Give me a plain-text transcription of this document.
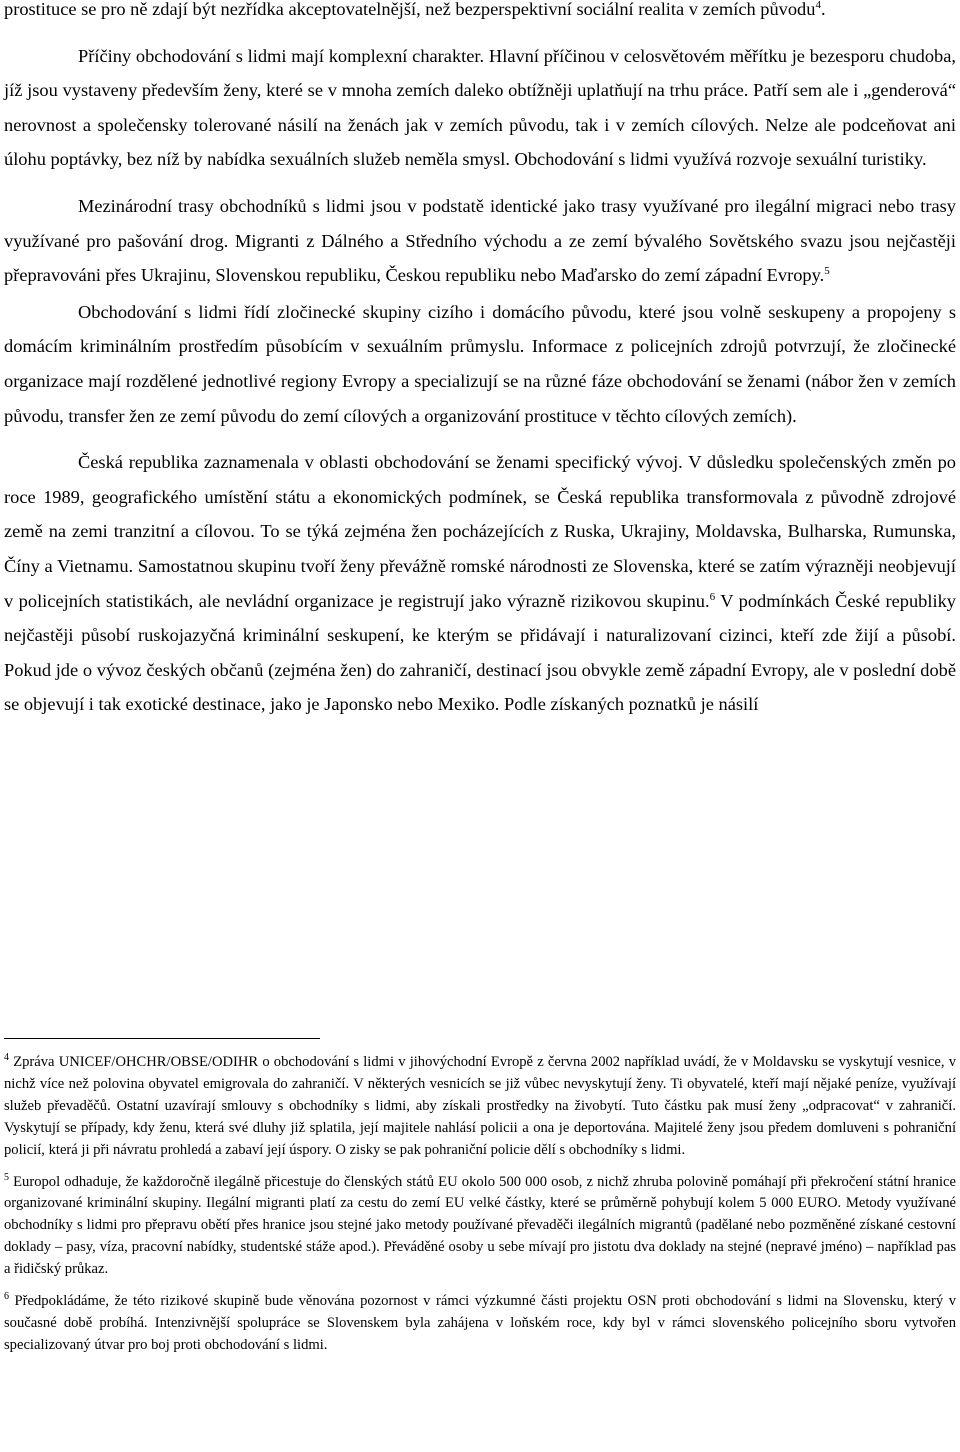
prostituce se pro ně zdají být nezřídka akceptovatelnější, než bezperspektivní sociální realita v zemích původu$^4$.

Příčiny obchodování s lidmi mají komplexní charakter. Hlavní příčinou v celosvětovém měřítku je bezesporu chudoba, jíž jsou vystaveny především ženy, které se v mnoha zemích daleko obtížněji uplatňují na trhu práce. Patří sem ale i „genderová“ nerovnost a společensky tolerované násilí na ženách jak v zemích původu, tak i v zemích cílových. Nelze ale podceňovat ani úlohu poptávky, bez níž by nabídka sexuálních služeb neměla smysl. Obchodování s lidmi využívá rozvoje sexuální turistiky.

Mezinárodní trasy obchodníků s lidmi jsou v podstatě identické jako trasy využívané pro ilegální migraci nebo trasy využívané pro pašování drog. Migranti z Dálného a Středního východu a ze zemí bývalého Sovětského svazu jsou nejčastěji přepravováni přes Ukrajinu, Slovenskou republiku, Českou republiku nebo Maďarsko do zemí západní Evropy.$^5$

Obchodování s lidmi řídí zločinecké skupiny cizího i domácího původu, které jsou volně seskupeny a propojeny s domácím kriminálním prostředím působícím v sexuálním průmyslu. Informace z policejních zdrojů potvrzují, že zločinecké organizace mají rozdělené jednotlivé regiony Evropy a specializují se na různé fáze obchodování se ženami (nábor žen v zemích původu, transfer žen ze zemí původu do zemí cílových a organizování prostituce v těchto cílových zemích).

Česká republika zaznamenala v oblasti obchodování se ženami specifický vývoj. V důsledku společenských změn po roce 1989, geografického umístění státu a ekonomických podmínek, se Česká republika transformovala z původně zdrojové země na zemi tranzitní a cílovou. To se týká zejména žen pocházejících z Ruska, Ukrajiny, Moldavska, Bulharska, Rumunska, Číny a Vietnamu. Samostatnou skupinu tvoří ženy převážně romské národnosti ze Slovenska, které se zatím výrazněji neobjevují v policejních statistikách, ale nevládní organizace je registrují jako výrazně rizikovou skupinu.$^6$ V podmínkách České republiky nejčastěji působí ruskojazyčná kriminální seskupení, ke kterým se přidávají i naturalizovaní cizinci, kteří zde žijí a působí. Pokud jde o vývoz českých občanů (zejména žen) do zahraničí, destinací jsou obvykle země západní Evropy, ale v poslední době se objevují i tak exotické destinace, jako je Japonsko nebo Mexiko. Podle získaných poznatků je násilí

$^4$ Zpráva UNICEF/OHCHR/OBSE/ODIHR o obchodování s lidmi v jihovýchodní Evropě z června 2002 například uvádí, že v Moldavsku se vyskytují vesnice, v nichž více než polovina obyvatel emigrovala do zahraničí. V některých vesnicích se již vůbec nevyskytují ženy. Ti obyvatelé, kteří mají nějaké peníze, využívají služeb převaděčů. Ostatní uzavírají smlouvy s obchodníky s lidmi, aby získali prostředky na živobytí. Tuto částku pak musí ženy „odpracovat“ v zahraničí. Vyskytují se případy, kdy ženu, která své dluhy již splatila, její majitele nahlásí policii a ona je deportována. Majitelé ženy jsou předem domluveni s pohraniční policií, která ji při návratu prohledá a zabaví její úspory. O zisky se pak pohraniční policie dělí s obchodníky s lidmi.

$^5$ Europol odhaduje, že každoročně ilegálně přicestuje do členských států EU okolo 500 000 osob, z nichž zhruba polovině pomáhají při překročení státní hranice organizované kriminální skupiny. Ilegální migranti platí za cestu do zemí EU velké částky, které se průměrně pohybují kolem 5 000 EURO. Metody využívané obchodníky s lidmi pro přepravu obětí přes hranice jsou stejné jako metody používané převaděči ilegálních migrantů (padělané nebo pozměněné získané cestovní doklady – pasy, víza, pracovní nabídky, studentské stáže apod.). Převáděné osoby u sebe mívají pro jistotu dva doklady na stejné (nepravé jméno) – například pas a řidičský průkaz.

$^6$ Předpokládáme, že této rizikové skupině bude věnována pozornost v rámci výzkumné části projektu OSN proti obchodování s lidmi na Slovensku, který v současné době probíhá. Intenzivnější spolupráce se Slovenskem byla zahájena v loňském roce, kdy byl v rámci slovenského policejního sboru vytvořen specializovaný útvar pro boj proti obchodování s lidmi.
